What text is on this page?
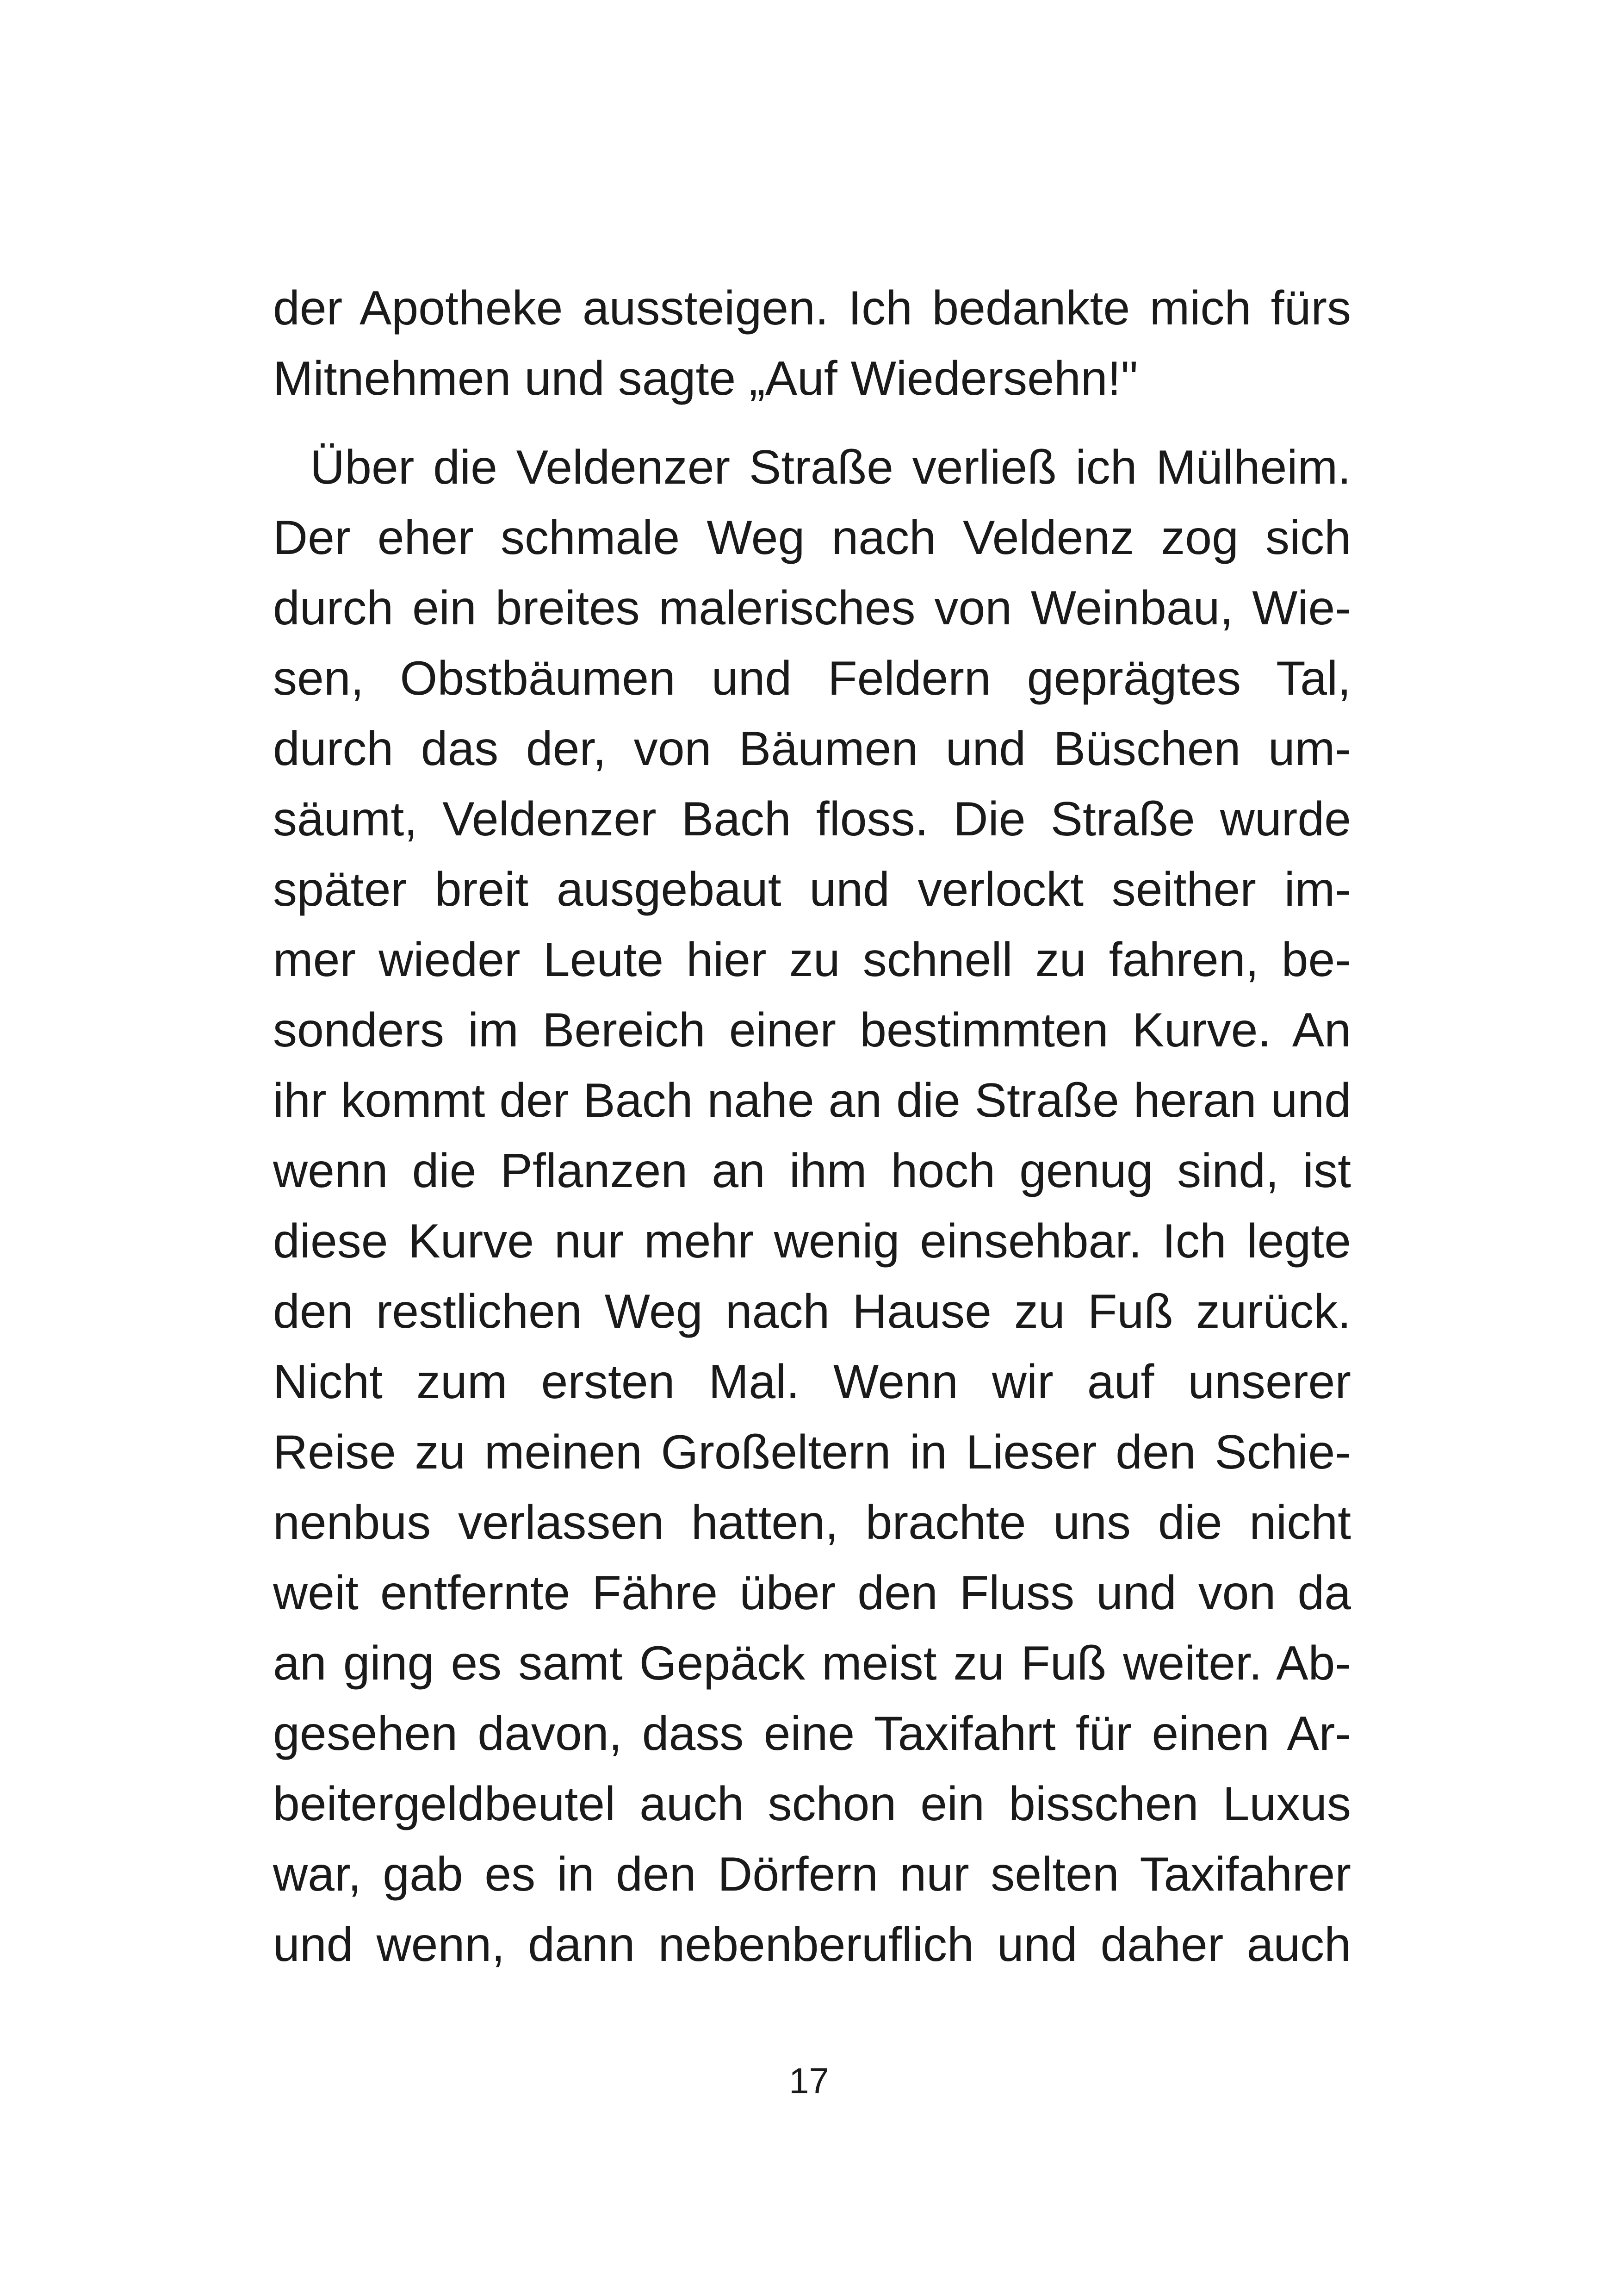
der Apotheke aussteigen. Ich bedankte mich fürs
Mitnehmen und sagte „Auf Wiedersehn!"
Über die Veldenzer Straße verließ ich Mülheim.
Der eher schmale Weg nach Veldenz zog sich
durch ein breites malerisches von Weinbau, Wie-
sen, Obstbäumen und Feldern geprägtes Tal,
durch das der, von Bäumen und Büschen um-
säumt, Veldenzer Bach floss. Die Straße wurde
später breit ausgebaut und verlockt seither im-
mer wieder Leute hier zu schnell zu fahren, be-
sonders im Bereich einer bestimmten Kurve. An
ihr kommt der Bach nahe an die Straße heran und
wenn die Pflanzen an ihm hoch genug sind, ist
diese Kurve nur mehr wenig einsehbar. Ich legte
den restlichen Weg nach Hause zu Fuß zurück.
Nicht zum ersten Mal. Wenn wir auf unserer
Reise zu meinen Großeltern in Lieser den Schie-
nenbus verlassen hatten, brachte uns die nicht
weit entfernte Fähre über den Fluss und von da
an ging es samt Gepäck meist zu Fuß weiter. Ab-
gesehen davon, dass eine Taxifahrt für einen Ar-
beitergeldbeutel auch schon ein bisschen Luxus
war, gab es in den Dörfern nur selten Taxifahrer
und wenn, dann nebenberuflich und daher auch
17
